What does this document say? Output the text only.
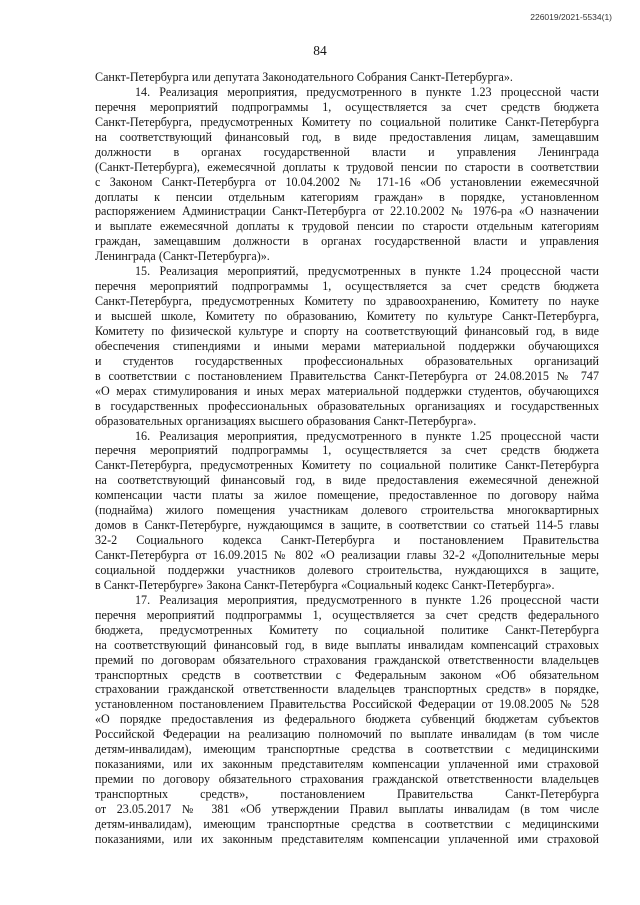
226019/2021-5534(1)
84
Санкт-Петербурга или депутата Законодательного Собрания Санкт-Петербурга».
14. Реализация мероприятия, предусмотренного в пункте 1.23 процессной части
перечня мероприятий подпрограммы 1, осуществляется за счет средств бюджета
Санкт-Петербурга, предусмотренных Комитету по социальной политике Санкт-Петербурга
на соответствующий финансовый год, в виде предоставления лицам, замещавшим
должности в органах государственной власти и управления Ленинграда
(Санкт-Петербурга), ежемесячной доплаты к трудовой пенсии по старости в соответствии
с Законом Санкт-Петербурга от 10.04.2002 № 171-16 «Об установлении ежемесячной
доплаты к пенсии отдельным категориям граждан» в порядке, установленном
распоряжением Администрации Санкт-Петербурга от 22.10.2002 № 1976-ра «О назначении
и выплате ежемесячной доплаты к трудовой пенсии по старости отдельным категориям
граждан, замещавшим должности в органах государственной власти и управления
Ленинграда (Санкт-Петербурга)».
15. Реализация мероприятий, предусмотренных в пункте 1.24 процессной части
перечня мероприятий подпрограммы 1, осуществляется за счет средств бюджета
Санкт-Петербурга, предусмотренных Комитету по здравоохранению, Комитету по науке
и высшей школе, Комитету по образованию, Комитету по культуре Санкт-Петербурга,
Комитету по физической культуре и спорту на соответствующий финансовый год, в виде
обеспечения стипендиями и иными мерами материальной поддержки обучающихся
и студентов государственных профессиональных образовательных организаций
в соответствии с постановлением Правительства Санкт-Петербурга от 24.08.2015 № 747
«О мерах стимулирования и иных мерах материальной поддержки студентов, обучающихся
в государственных профессиональных образовательных организациях и государственных
образовательных организациях высшего образования Санкт-Петербурга».
16. Реализация мероприятия, предусмотренного в пункте 1.25 процессной части
перечня мероприятий подпрограммы 1, осуществляется за счет средств бюджета
Санкт-Петербурга, предусмотренных Комитету по социальной политике Санкт-Петербурга
на соответствующий финансовый год, в виде предоставления ежемесячной денежной
компенсации части платы за жилое помещение, предоставленное по договору найма
(поднайма) жилого помещения участникам долевого строительства многоквартирных
домов в Санкт-Петербурге, нуждающимся в защите, в соответствии со статьей 114-5 главы
32-2 Социального кодекса Санкт-Петербурга и постановлением Правительства
Санкт-Петербурга от 16.09.2015 № 802 «О реализации главы 32-2 «Дополнительные меры
социальной поддержки участников долевого строительства, нуждающихся в защите,
в Санкт-Петербурге» Закона Санкт-Петербурга «Социальный кодекс Санкт-Петербурга».
17. Реализация мероприятия, предусмотренного в пункте 1.26 процессной части
перечня мероприятий подпрограммы 1, осуществляется за счет средств федерального
бюджета, предусмотренных Комитету по социальной политике Санкт-Петербурга
на соответствующий финансовый год, в виде выплаты инвалидам компенсаций страховых
премий по договорам обязательного страхования гражданской ответственности владельцев
транспортных средств в соответствии с Федеральным законом «Об обязательном
страховании гражданской ответственности владельцев транспортных средств» в порядке,
установленном постановлением Правительства Российской Федерации от 19.08.2005 № 528
«О порядке предоставления из федерального бюджета субвенций бюджетам субъектов
Российской Федерации на реализацию полномочий по выплате инвалидам (в том числе
детям-инвалидам), имеющим транспортные средства в соответствии с медицинскими
показаниями, или их законным представителям компенсации уплаченной ими страховой
премии по договору обязательного страхования гражданской ответственности владельцев
транспортных средств», постановлением Правительства Санкт-Петербурга
от 23.05.2017 № 381 «Об утверждении Правил выплаты инвалидам (в том числе
детям-инвалидам), имеющим транспортные средства в соответствии с медицинскими
показаниями, или их законным представителям компенсации уплаченной ими страховой
